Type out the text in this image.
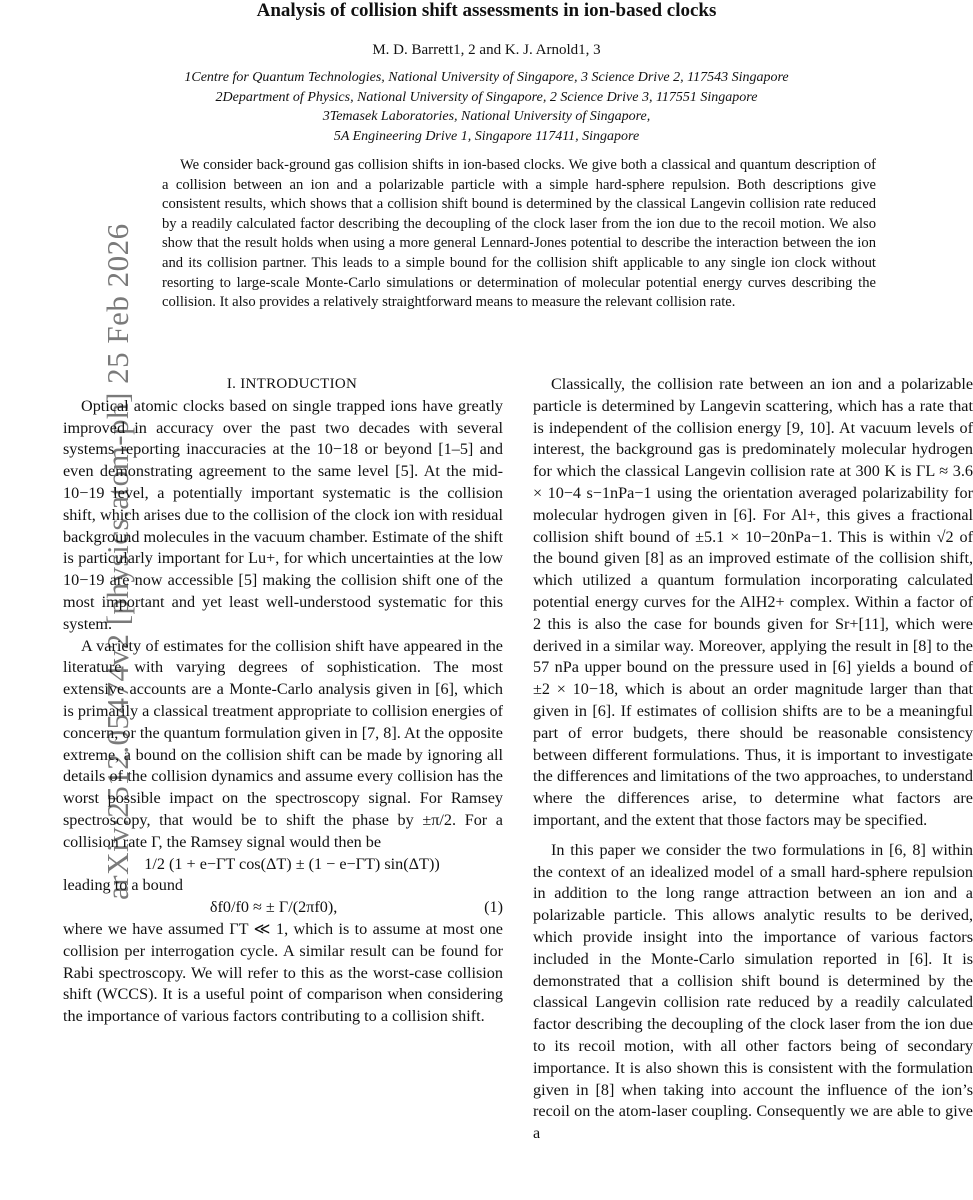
arXiv:2512.05474v2 [physics.atom-ph] 25 Feb 2026
Analysis of collision shift assessments in ion-based clocks
M. D. Barrett1, 2 and K. J. Arnold1, 3
1Centre for Quantum Technologies, National University of Singapore, 3 Science Drive 2, 117543 Singapore
2Department of Physics, National University of Singapore, 2 Science Drive 3, 117551 Singapore
3Temasek Laboratories, National University of Singapore,
5A Engineering Drive 1, Singapore 117411, Singapore
We consider back-ground gas collision shifts in ion-based clocks. We give both a classical and quantum description of a collision between an ion and a polarizable particle with a simple hard-sphere repulsion. Both descriptions give consistent results, which shows that a collision shift bound is determined by the classical Langevin collision rate reduced by a readily calculated factor describing the decoupling of the clock laser from the ion due to the recoil motion. We also show that the result holds when using a more general Lennard-Jones potential to describe the interaction between the ion and its collision partner. This leads to a simple bound for the collision shift applicable to any single ion clock without resorting to large-scale Monte-Carlo simulations or determination of molecular potential energy curves describing the collision. It also provides a relatively straightforward means to measure the relevant collision rate.

I. INTRODUCTION

Optical atomic clocks based on single trapped ions have greatly improved in accuracy over the past two decades with several systems reporting inaccuracies at the 10−18 or beyond [1–5] and even demonstrating agreement to the same level [5]. At the mid-10−19 level, a potentially important systematic is the collision shift, which arises due to the collision of the clock ion with residual background molecules in the vacuum chamber. Estimate of the shift is particularly important for Lu+, for which uncertainties at the low 10−19 are now accessible [5] making the collision shift one of the most important and yet least well-understood systematic for this system.

A variety of estimates for the collision shift have appeared in the literature with varying degrees of sophistication. The most extensive accounts are a Monte-Carlo analysis given in [6], which is primarily a classical treatment appropriate to collision energies of concern, or the quantum formulation given in [7, 8]. At the opposite extreme, a bound on the collision shift can be made by ignoring all details of the collision dynamics and assume every collision has the worst possible impact on the spectroscopy signal. For Ramsey spectroscopy, that would be to shift the phase by ±π/2. For a collision rate Γ, the Ramsey signal would then be

1/2 (1 + e−ΓT cos(ΔT) ± (1 − e−ΓT) sin(ΔT))

leading to a bound

(1)
δf0/f0 ≈ ± Γ/(2πf0),

where we have assumed ΓT ≪ 1, which is to assume at most one collision per interrogation cycle. A similar result can be found for Rabi spectroscopy. We will refer to this as the worst-case collision shift (WCCS). It is a useful point of comparison when considering the importance of various factors contributing to a collision shift.

Classically, the collision rate between an ion and a polarizable particle is determined by Langevin scattering, which has a rate that is independent of the collision energy [9, 10]. At vacuum levels of interest, the background gas is predominately molecular hydrogen for which the classical Langevin collision rate at 300 K is ΓL ≈ 3.6 × 10−4 s−1nPa−1 using the orientation averaged polarizability for molecular hydrogen given in [6]. For Al+, this gives a fractional collision shift bound of ±5.1 × 10−20nPa−1. This is within √2 of the bound given [8] as an improved estimate of the collision shift, which utilized a quantum formulation incorporating calculated potential energy curves for the AlH2+ complex. Within a factor of 2 this is also the case for bounds given for Sr+[11], which were derived in a similar way. Moreover, applying the result in [8] to the 57 nPa upper bound on the pressure used in [6] yields a bound of ±2 × 10−18, which is about an order magnitude larger than that given in [6]. If estimates of collision shifts are to be a meaningful part of error budgets, there should be reasonable consistency between different formulations. Thus, it is important to investigate the differences and limitations of the two approaches, to understand where the differences arise, to determine what factors are important, and the extent that those factors may be specified.

In this paper we consider the two formulations in [6, 8] within the context of an idealized model of a small hard-sphere repulsion in addition to the long range attraction between an ion and a polarizable particle. This allows analytic results to be derived, which provide insight into the importance of various factors included in the Monte-Carlo simulation reported in [6]. It is demonstrated that a collision shift bound is determined by the classical Langevin collision rate reduced by a readily calculated factor describing the decoupling of the clock laser from the ion due to its recoil motion, with all other factors being of secondary importance. It is also shown this is consistent with the formulation given in [8] when taking into account the influence of the ion’s recoil on the atom-laser coupling. Consequently we are able to give a
